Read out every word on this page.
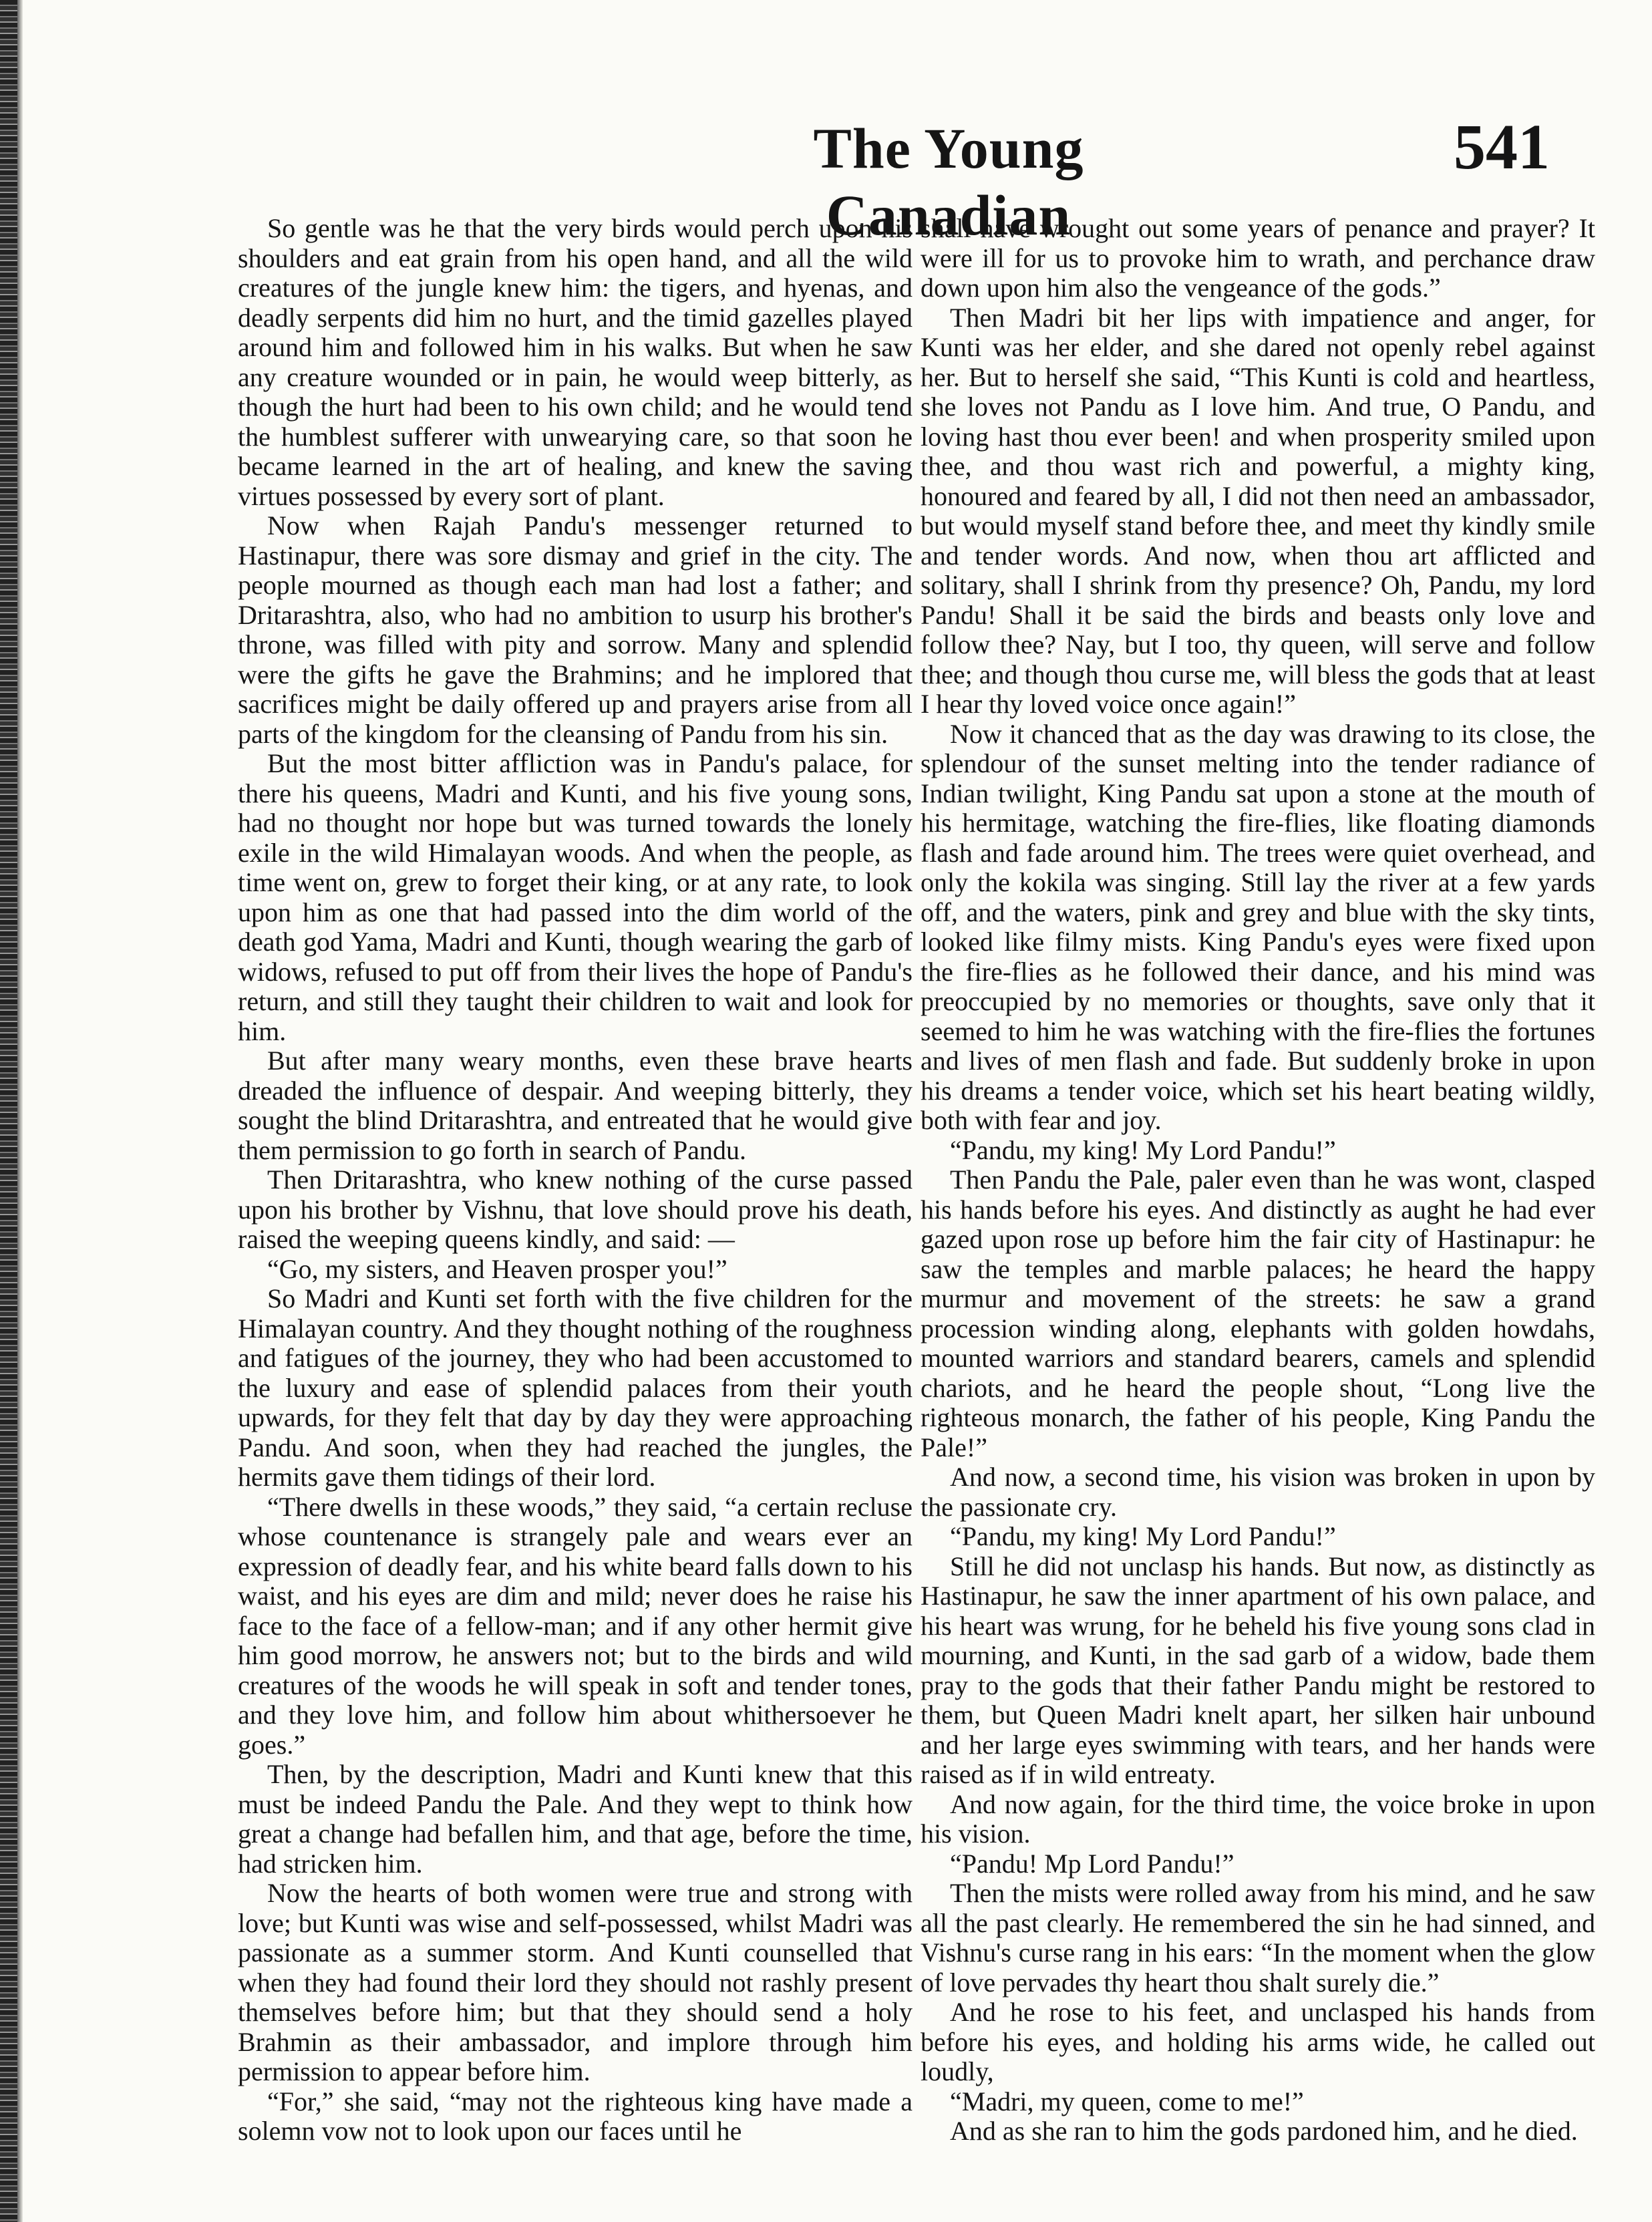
The Young Canadian
541

So gentle was he that the very birds would perch upon his shoulders and eat grain from his open hand, and all the wild creatures of the jungle knew him: the tigers, and hyenas, and deadly serpents did him no hurt, and the timid gazelles played around him and followed him in his walks. But when he saw any creature wounded or in pain, he would weep bitterly, as though the hurt had been to his own child; and he would tend the humblest sufferer with unwearying care, so that soon he became learned in the art of healing, and knew the saving virtues possessed by every sort of plant.

Now when Rajah Pandu's messenger returned to Hastinapur, there was sore dismay and grief in the city. The people mourned as though each man had lost a father; and Dritarashtra, also, who had no ambition to usurp his brother's throne, was filled with pity and sorrow. Many and splendid were the gifts he gave the Brahmins; and he implored that sacrifices might be daily offered up and prayers arise from all parts of the kingdom for the cleansing of Pandu from his sin.

But the most bitter affliction was in Pandu's palace, for there his queens, Madri and Kunti, and his five young sons, had no thought nor hope but was turned towards the lonely exile in the wild Himalayan woods. And when the people, as time went on, grew to forget their king, or at any rate, to look upon him as one that had passed into the dim world of the death god Yama, Madri and Kunti, though wearing the garb of widows, refused to put off from their lives the hope of Pandu's return, and still they taught their children to wait and look for him.

But after many weary months, even these brave hearts dreaded the influence of despair. And weeping bitterly, they sought the blind Dritarashtra, and entreated that he would give them permission to go forth in search of Pandu.

Then Dritarashtra, who knew nothing of the curse passed upon his brother by Vishnu, that love should prove his death, raised the weeping queens kindly, and said: —

“Go, my sisters, and Heaven prosper you!”

So Madri and Kunti set forth with the five children for the Himalayan country. And they thought nothing of the roughness and fatigues of the journey, they who had been accustomed to the luxury and ease of splendid palaces from their youth upwards, for they felt that day by day they were approaching Pandu. And soon, when they had reached the jungles, the hermits gave them tidings of their lord.

“There dwells in these woods,” they said, “a certain recluse whose countenance is strangely pale and wears ever an expression of deadly fear, and his white beard falls down to his waist, and his eyes are dim and mild; never does he raise his face to the face of a fellow-man; and if any other hermit give him good morrow, he answers not; but to the birds and wild creatures of the woods he will speak in soft and tender tones, and they love him, and follow him about whithersoever he goes.”

Then, by the description, Madri and Kunti knew that this must be indeed Pandu the Pale. And they wept to think how great a change had befallen him, and that age, before the time, had stricken him.

Now the hearts of both women were true and strong with love; but Kunti was wise and self-possessed, whilst Madri was passionate as a summer storm. And Kunti counselled that when they had found their lord they should not rashly present themselves before him; but that they should send a holy Brahmin as their ambassador, and implore through him permission to appear before him.

“For,” she said, “may not the righteous king have made a solemn vow not to look upon our faces until he

shall have wrought out some years of penance and prayer? It were ill for us to provoke him to wrath, and perchance draw down upon him also the vengeance of the gods.”

Then Madri bit her lips with impatience and anger, for Kunti was her elder, and she dared not openly rebel against her. But to herself she said, “This Kunti is cold and heartless, she loves not Pandu as I love him. And true, O Pandu, and loving hast thou ever been! and when prosperity smiled upon thee, and thou wast rich and powerful, a mighty king, honoured and feared by all, I did not then need an ambassador, but would myself stand before thee, and meet thy kindly smile and tender words. And now, when thou art afflicted and solitary, shall I shrink from thy presence? Oh, Pandu, my lord Pandu! Shall it be said the birds and beasts only love and follow thee? Nay, but I too, thy queen, will serve and follow thee; and though thou curse me, will bless the gods that at least I hear thy loved voice once again!”

Now it chanced that as the day was drawing to its close, the splendour of the sunset melting into the tender radiance of Indian twilight, King Pandu sat upon a stone at the mouth of his hermitage, watching the fire-flies, like floating diamonds flash and fade around him. The trees were quiet overhead, and only the kokila was singing. Still lay the river at a few yards off, and the waters, pink and grey and blue with the sky tints, looked like filmy mists. King Pandu's eyes were fixed upon the fire-flies as he followed their dance, and his mind was preoccupied by no memories or thoughts, save only that it seemed to him he was watching with the fire-flies the fortunes and lives of men flash and fade. But suddenly broke in upon his dreams a tender voice, which set his heart beating wildly, both with fear and joy.

“Pandu, my king! My Lord Pandu!”

Then Pandu the Pale, paler even than he was wont, clasped his hands before his eyes. And distinctly as aught he had ever gazed upon rose up before him the fair city of Hastinapur: he saw the temples and marble palaces; he heard the happy murmur and movement of the streets: he saw a grand procession winding along, elephants with golden howdahs, mounted warriors and standard bearers, camels and splendid chariots, and he heard the people shout, “Long live the righteous monarch, the father of his people, King Pandu the Pale!”

And now, a second time, his vision was broken in upon by the passionate cry.

“Pandu, my king! My Lord Pandu!”

Still he did not unclasp his hands. But now, as distinctly as Hastinapur, he saw the inner apartment of his own palace, and his heart was wrung, for he beheld his five young sons clad in mourning, and Kunti, in the sad garb of a widow, bade them pray to the gods that their father Pandu might be restored to them, but Queen Madri knelt apart, her silken hair unbound and her large eyes swimming with tears, and her hands were raised as if in wild entreaty.

And now again, for the third time, the voice broke in upon his vision.

“Pandu! Mp Lord Pandu!”

Then the mists were rolled away from his mind, and he saw all the past clearly. He remembered the sin he had sinned, and Vishnu's curse rang in his ears: “In the moment when the glow of love pervades thy heart thou shalt surely die.”

And he rose to his feet, and unclasped his hands from before his eyes, and holding his arms wide, he called out loudly,

“Madri, my queen, come to me!”

And as she ran to him the gods pardoned him, and he died.
